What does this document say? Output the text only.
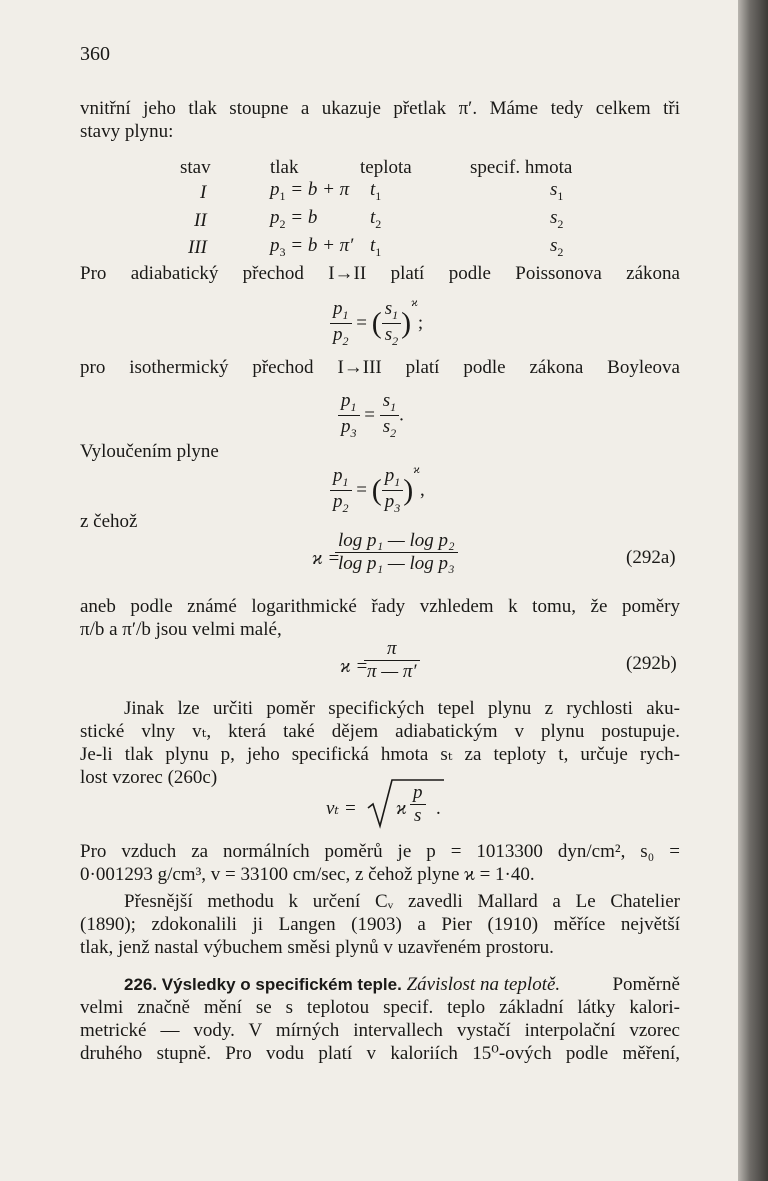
360
vnitřní jeho tlak stoupne a ukazuje přetlak π′. Máme tedy celkem tři
stavy plynu:
stav	tlak	teplota	specif. hmota
I	$p_1 = b + \pi$	$t_1$	$s_1$
II	$p_2 = b$	$t_2$	$s_2$
III	$p_3 = b + \pi'$	$t_1$	$s_2$
Pro adiabatický přechod I→II platí podle Poissonova zákona
$\frac{p_1}{p_2}$ = ( $\frac{s_1}{s_2} )^ϰ$;
pro isothermický přechod I→III platí podle zákona Boyleova
$\frac{p_1}{p_3} = \frac{s_1}{s_2}$ .
Vyloučením plyne
$\frac{p_1}{p_2}$ = ( $\frac{p_1}{p_3} )^ϰ$,
z čehož
ϰ =
$\frac{\text{log p₁ — log p₂}}{\text{log p₁ — log p₃}}$	(292a)
aneb podle známé logarithmické řady vzhledem k tomu, že poměry
π/b a π′/b jsou velmi malé,
ϰ =
$\frac{\pi}{\pi — \pi'}$	(292b)
Jinak lze určiti poměr specifických tepel plynu z rychlosti aku-
stické vlny vₜ, která také dějem adiabatickým v plynu postupuje.
Je-li tlak plynu p, jeho specifická hmota sₜ za teploty t, určuje rych-
lost vzorec (260c)
vₜ = ϰ $\frac{p}{s}$ .
Pro vzduch za normálních poměrů je p = 1013300 dyn/cm², s₀ =
0·001293 g/cm³, v = 33100 cm/sec, z čehož plyne ϰ = 1·40.
Přesnější methodu k určení Cᵥ zavedli Mallard a Le Chatelier
(1890); zdokonalili ji Langen (1903) a Pier (1910) měříce největší
tlak, jenž nastal výbuchem směsi plynů v uzavřeném prostoru.
226. Výsledky o specifickém teple. Závislost na teplotě.	Poměrně
velmi značně mění se s teplotou specif. teplo základní látky kalori-
metrické — vody. V mírných intervallech vystačí interpolační vzorec
druhého stupně. Pro vodu platí v kaloriích 15⁰-ových podle měření,
